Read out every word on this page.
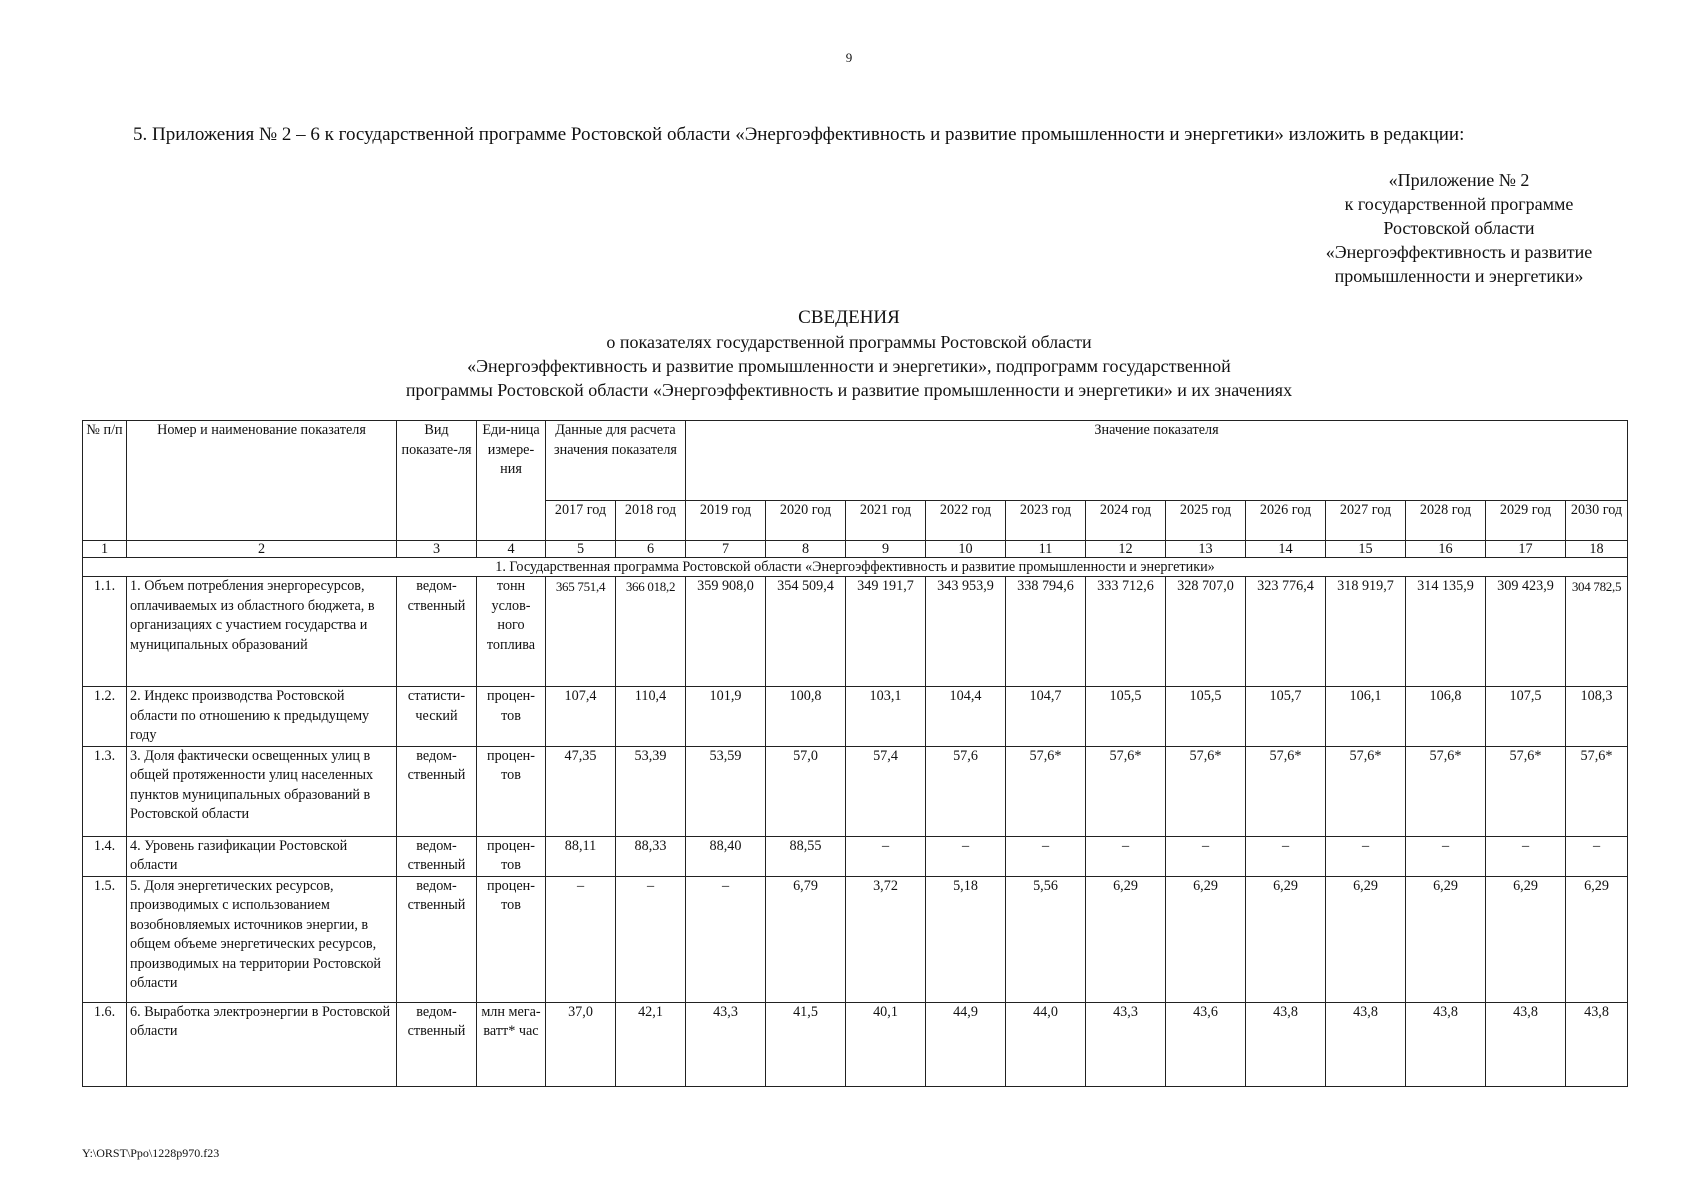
9
5. Приложения № 2 – 6 к государственной программе Ростовской области «Энергоэффективность и развитие промышленности и энергетики» изложить в редакции:
«Приложение № 2
к государственной программе
Ростовской области
«Энергоэффективность и развитие
промышленности и энергетики»
СВЕДЕНИЯ
о показателях государственной программы Ростовской области
«Энергоэффективность и развитие промышленности и энергетики», подпрограмм государственной
программы Ростовской области «Энергоэффективность и развитие промышленности и энергетики» и их значениях
№ п/п	Номер и наименование показателя	Вид показате-ля	Еди-ница измере-ния	Данные для расчета значения показателя		Значение показателя											
				2017 год	2018 год	2019 год	2020 год	2021 год	2022 год	2023 год	2024 год	2025 год	2026 год	2027 год	2028 год	2029 год	2030 год
1	2	3	4	5	6	7	8	9	10	11	12	13	14	15	16	17	18
1. Государственная программа Ростовской области «Энергоэффективность и развитие промышленности и энергетики»																	
1.1.	1. Объем потребления энергоресурсов, оплачиваемых из областного бюджета, в организациях с участием государства и муниципальных образований	ведом-ственный	тонн услов-ного топлива	365 751,4	366 018,2	359 908,0	354 509,4	349 191,7	343 953,9	338 794,6	333 712,6	328 707,0	323 776,4	318 919,7	314 135,9	309 423,9	304 782,5
1.2.	2. Индекс производства Ростовской области по отношению к предыдущему году	статисти-ческий	процен-тов	107,4	110,4	101,9	100,8	103,1	104,4	104,7	105,5	105,5	105,7	106,1	106,8	107,5	108,3
1.3.	3. Доля фактически освещенных улиц в общей протяженности улиц населенных пунктов муниципальных образований в Ростовской области	ведом-ственный	процен-тов	47,35	53,39	53,59	57,0	57,4	57,6	57,6*	57,6*	57,6*	57,6*	57,6*	57,6*	57,6*	57,6*
1.4.	4. Уровень газификации Ростовской области	ведом-ственный	процен-тов	88,11	88,33	88,40	88,55	–	–	–	–	–	–	–	–	–	–
1.5.	5. Доля энергетических ресурсов, производимых с использованием возобновляемых источников энергии, в общем объеме энергетических ресурсов, производимых на территории Ростовской области	ведом-ственный	процен-тов	–	–	–	6,79	3,72	5,18	5,56	6,29	6,29	6,29	6,29	6,29	6,29	6,29
1.6.	6. Выработка электроэнергии в Ростовской области	ведом-ственный	млн мега-ватт* час	37,0	42,1	43,3	41,5	40,1	44,9	44,0	43,3	43,6	43,8	43,8	43,8	43,8	43,8
Y:\ORST\Ppo\1228p970.f23
